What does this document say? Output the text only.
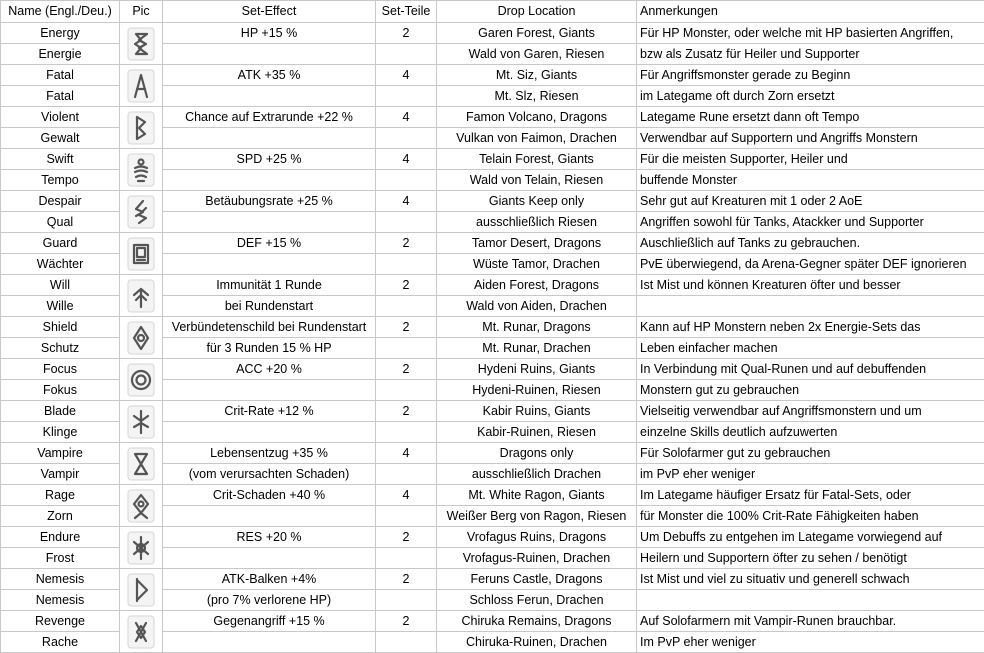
Name (Engl./Deu.)	Pic	Set-Effect	Set-Teile	Drop Location	Anmerkungen
Energy		HP +15 %	2	Garen Forest, Giants	Für HP Monster, oder welche mit HP basierten Angriffen,
Energie				Wald von Garen, Riesen	bzw als Zusatz für Heiler und Supporter
Fatal		ATK +35 %	4	Mt. Siz, Giants	Für Angriffsmonster gerade zu Beginn
Fatal				Mt. Slz, Riesen	im Lategame oft durch Zorn ersetzt
Violent		Chance auf Extrarunde +22 %	4	Famon Volcano, Dragons	Lategame Rune ersetzt dann oft Tempo
Gewalt				Vulkan von Faimon, Drachen	Verwendbar auf Supportern und Angriffs Monstern
Swift		SPD +25 %	4	Telain Forest, Giants	Für die meisten Supporter, Heiler und
Tempo				Wald von Telain, Riesen	buffende Monster
Despair		Betäubungsrate +25 %	4	Giants Keep only	Sehr gut auf Kreaturen mit 1 oder 2 AoE
Qual				ausschließlich Riesen	Angriffen sowohl für Tanks, Atackker und Supporter
Guard		DEF +15 %	2	Tamor Desert, Dragons	Auschließlich auf Tanks zu gebrauchen.
Wächter				Wüste Tamor, Drachen	PvE überwiegend, da Arena-Gegner später DEF ignorieren
Will		Immunität 1 Runde	2	Aiden Forest, Dragons	Ist Mist und können Kreaturen öfter und besser
Wille		bei Rundenstart		Wald von Aiden, Drachen	
Shield		Verbündetenschild bei Rundenstart	2	Mt. Runar, Dragons	Kann auf HP Monstern neben 2x Energie-Sets das
Schutz		für 3 Runden 15 % HP		Mt. Runar, Drachen	Leben einfacher machen
Focus		ACC +20 %	2	Hydeni Ruins, Giants	In Verbindung mit Qual-Runen und auf debuffenden
Fokus				Hydeni-Ruinen, Riesen	Monstern gut zu gebrauchen
Blade		Crit-Rate +12 %	2	Kabir Ruins, Giants	Vielseitig verwendbar auf Angriffsmonstern und um
Klinge				Kabir-Ruinen, Riesen	einzelne Skills deutlich aufzuwerten
Vampire		Lebensentzug +35 %	4	Dragons only	Für Solofarmer gut zu gebrauchen
Vampir		(vom verursachten Schaden)		ausschließlich Drachen	im PvP eher weniger
Rage		Crit-Schaden +40 %	4	Mt. White Ragon, Giants	Im Lategame häufiger Ersatz für Fatal-Sets, oder
Zorn				Weißer Berg von Ragon, Riesen	für Monster die 100% Crit-Rate Fähigkeiten haben
Endure		RES +20 %	2	Vrofagus Ruins, Dragons	Um Debuffs zu entgehen im Lategame vorwiegend auf
Frost				Vrofagus-Ruinen, Drachen	Heilern und Supportern öfter zu sehen / benötigt
Nemesis		ATK-Balken +4%	2	Feruns Castle, Dragons	Ist Mist und viel zu situativ und generell schwach
Nemesis		(pro 7% verlorene HP)		Schloss Ferun, Drachen	
Revenge		Gegenangriff +15 %	2	Chiruka Remains, Dragons	Auf Solofarmern mit Vampir-Runen brauchbar.
Rache				Chiruka-Ruinen, Drachen	Im PvP eher weniger
